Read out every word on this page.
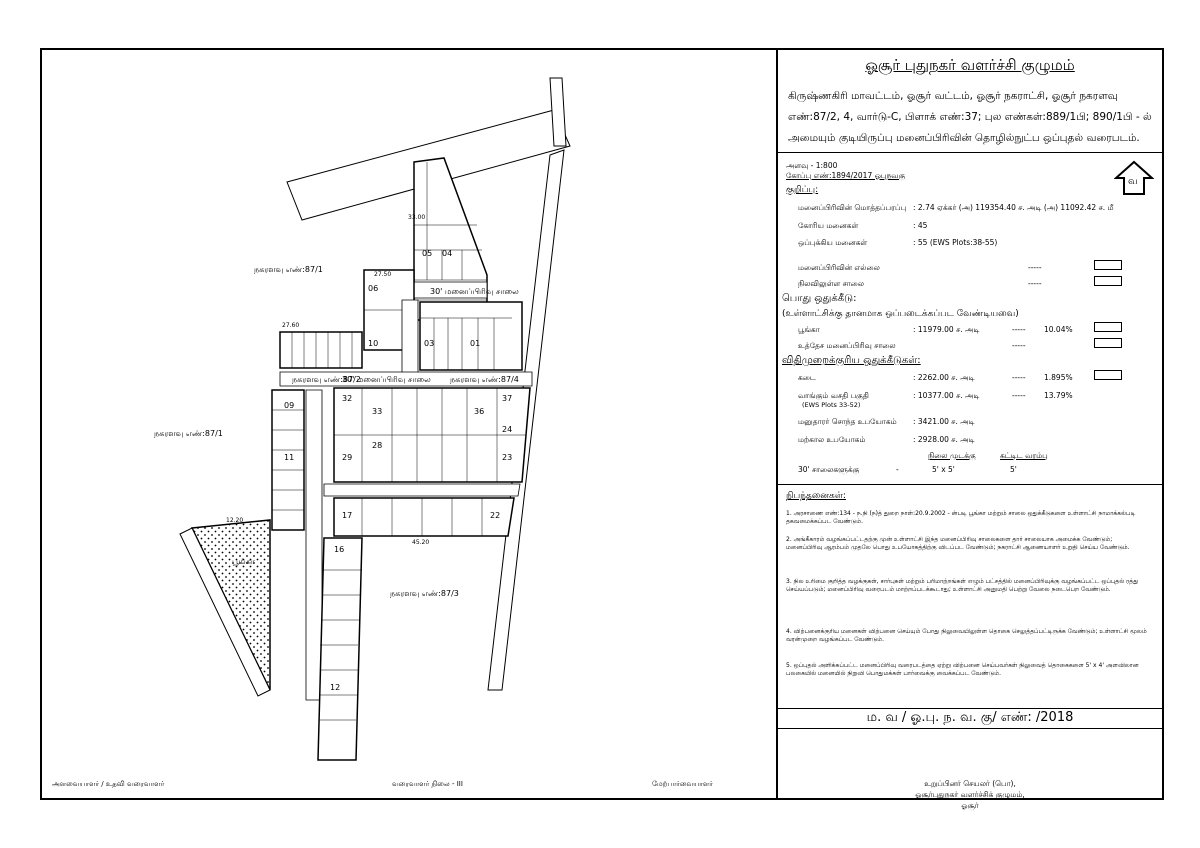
நகரளவு எண்:87/1
நகரளவு எண்:87/1
நகரளவு எண்:87/2	நகரளவு எண்:87/4
நகரளவு எண்:87/3
பூங்கா
30' மனைப்பிரிவு சாலை
30' மனைப்பிரிவு சாலை
05
06
03	01
04
10
09
32
33	36
37
29
28
24
23
11
17	22
16
12
33.00
27.50
27.60
45.20
12.20
அளவையாளர் / உதவி வரைவாளர்	வரைவாளர் நிலை - III	மேற்பார்வையாளர்
ஓசூர் புதுநகர் வளர்ச்சி குழுமம்
கிருஷ்ணகிரி மாவட்டம், ஓசூர் வட்டம், ஓசூர் நகராட்சி, ஓசூர் நகரளவு
எண்:87/2, 4, வார்டு-C, பிளாக் எண்:37; புல எண்கள்:889/1பி; 890/1பி - ல்
அமையும் குடியிருப்பு மனைப்பிரிவின் தொழில்நுட்ப ஒப்புதல் வரைபடம்.
அளவு - 1:800
கோப்பு எண்:1894/2017 ஓபுநவகு
வ
குறிப்பு:
மனைப்பிரிவின் மொத்தப்பரப்பு : 2.74 ஏக்கர் (அ) 119354.40 ச. அடி (அ) 11092.42 ச. மீ
கோரிய மனைகள்	: 45
ஒப்புக்கிய மனைகள்	: 55 (EWS Plots:38-55)
மனைப்பிரிவின் எல்லை	-----
நிலவிலுள்ள சாலை	-----
பொது ஒதுக்கீடு:
(உள்ளாட்சிக்கு தானமாக ஒப்படைக்கப்பட வேண்டியவை)
பூங்கா	: 11979.00 ச. அடி	----- 10.04%
உத்தேச மனைப்பிரிவு சாலை	-----
விதிமுறைக்குரிய ஒதுக்கீடுகள்:
கடை	: 2262.00 ச. அடி	----- 1.895%
வாங்கும் வசதி பகுதி
(EWS Plots 33-52)
: 10377.00 ச. அடி	----- 13.79%
மனுதாரர் சொந்த உபயோகம் : 3421.00 ச. அடி
மற்கால உபயோகம்	: 2928.00 ச. அடி
நிலை முடக்கு	கட்டிட வரம்பு
30' சாலைகளுக்கு	-	5' x 5'	5'
நிபந்தனைகள்:
1. அரசாணை எண்:134 - ந.நி (ந)த் துறை நாள்:20.9.2002 - ன்படி பூங்கா மற்றும் சாலை ஒதுக்கீடுகளை உள்ளாட்சி நாமாக்கல்படி தகவமைக்கப்பட வேண்டும்.
2. அங்கீகாரம் வழங்கப்பட்டதற்கு முன் உள்ளாட்சி இந்த மனைப்பிரிவு சாலைகளை தார் சாலையாக அமைக்க வேண்டும்; மனைப்பிரிவு ஆரம்பம் முதலே பொது உபயோகத்திற்கு விடப்பட வேண்டும்; நகராட்சி ஆணையாளர் உறுதி செய்ய வேண்டும்.
3. நில உரிமை குறித்த வழக்குகள், சார்புகள் மற்றும் பரிமாற்றங்கள் எழும் பட்சத்தில் மனைப்பிரிவுக்கு வழங்கப்பட்ட ஒப்புதல் ரத்து செய்யப்படும்; மனைப்பிரிவு வரைபடம் மாற்றப்படக்கூடாது; உள்ளாட்சி அனுமதி பெற்று வேலை நடைபெற வேண்டும்.
4. விற்பனைக்குரிய மனைகள் விற்பனை செய்யும் போது நிலுவையிலுள்ள தொகை செலுத்தப்பட்டிருக்க வேண்டும்; உள்ளாட்சி மூலம் வரன்முறை வழங்கப்பட வேண்டும்.
5. ஒப்புதல் அளிக்கப்பட்ட மனைப்பிரிவு வரைபடத்தை ஏற்று விற்பனை செய்பவர்கள் நிலுவைத் தொகைகளை 5' x 4' அளவிலான பலகையில் மனையில் நிறுவி பொதுமக்கள் பார்வைக்கு வைக்கப்பட வேண்டும்.
ம. வ / ஓ.பு. ந. வ. கு/ எண்: /2018
உறுப்பினர் செயலர் (பொ),
ஓசூர்புதுநகர் வளர்ச்சிக் குழுமம்,
ஓசூர்
